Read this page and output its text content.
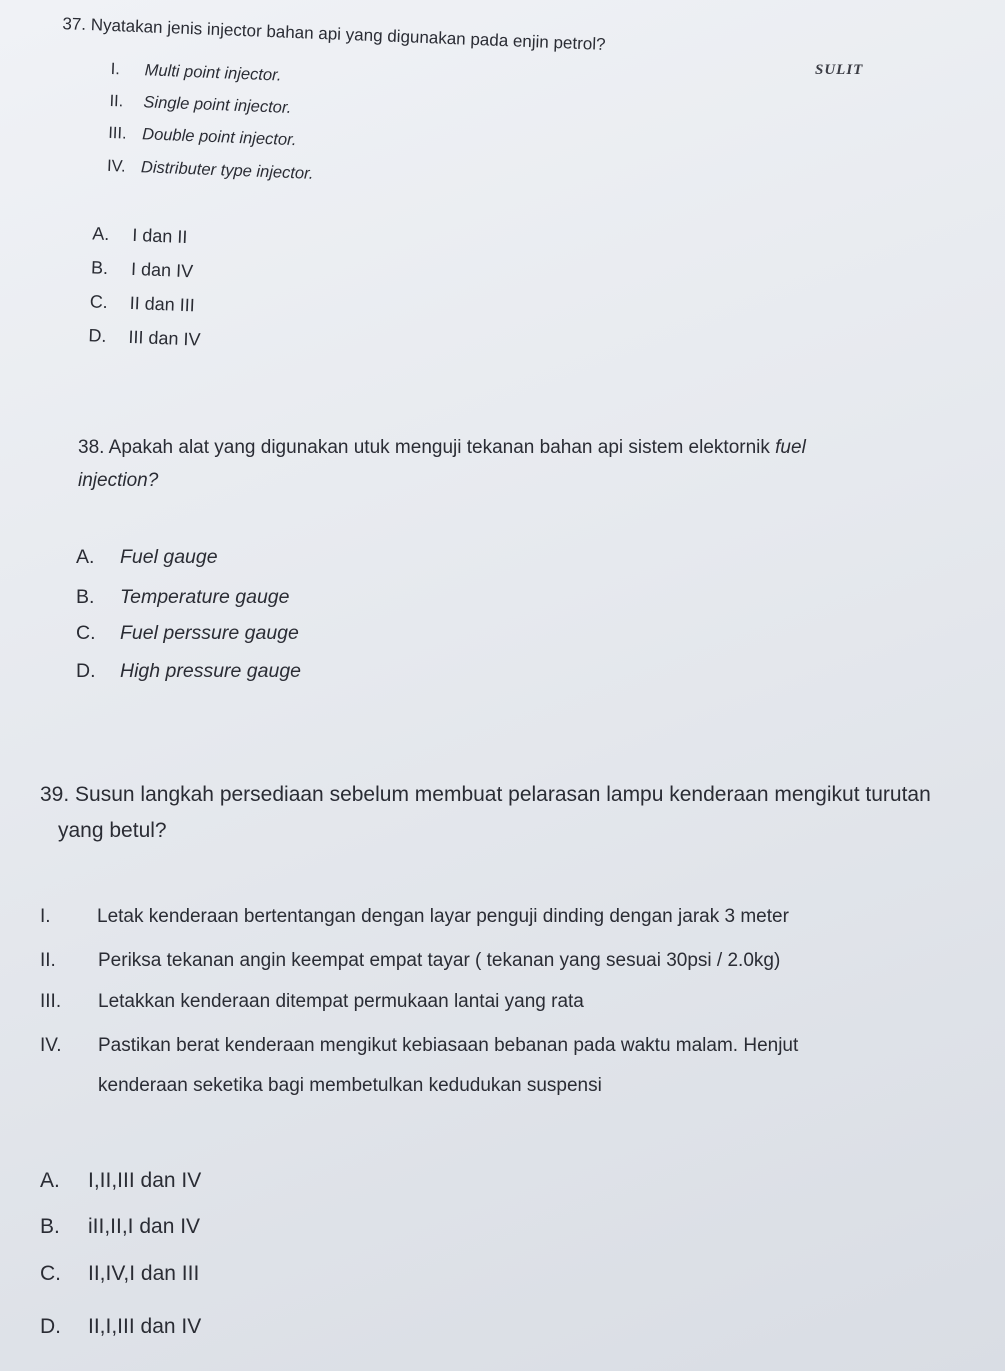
SULIT
37. Nyatakan jenis injector bahan api yang digunakan pada enjin petrol?
I. Multi point injector.
II. Single point injector.
III. Double point injector.
IV. Distributer type injector.
A. I dan II
B. I dan IV
C. II dan III
D. III dan IV
38. Apakah alat yang digunakan utuk menguji tekanan bahan api sistem elektornik fuel
injection?
A. Fuel gauge
B. Temperature gauge
C. Fuel perssure gauge
D. High pressure gauge
39. Susun langkah persediaan sebelum membuat pelarasan lampu kenderaan mengikut turutan
yang betul?
I. Letak kenderaan bertentangan dengan layar penguji dinding dengan jarak 3 meter
II. Periksa tekanan angin keempat empat tayar ( tekanan yang sesuai 30psi / 2.0kg)
III. Letakkan kenderaan ditempat permukaan lantai yang rata
IV. Pastikan berat kenderaan mengikut kebiasaan bebanan pada waktu malam. Henjut
kenderaan seketika bagi membetulkan kedudukan suspensi
A. I,II,III dan IV
B. iII,II,I dan IV
C. II,IV,I dan III
D. II,I,III dan IV
